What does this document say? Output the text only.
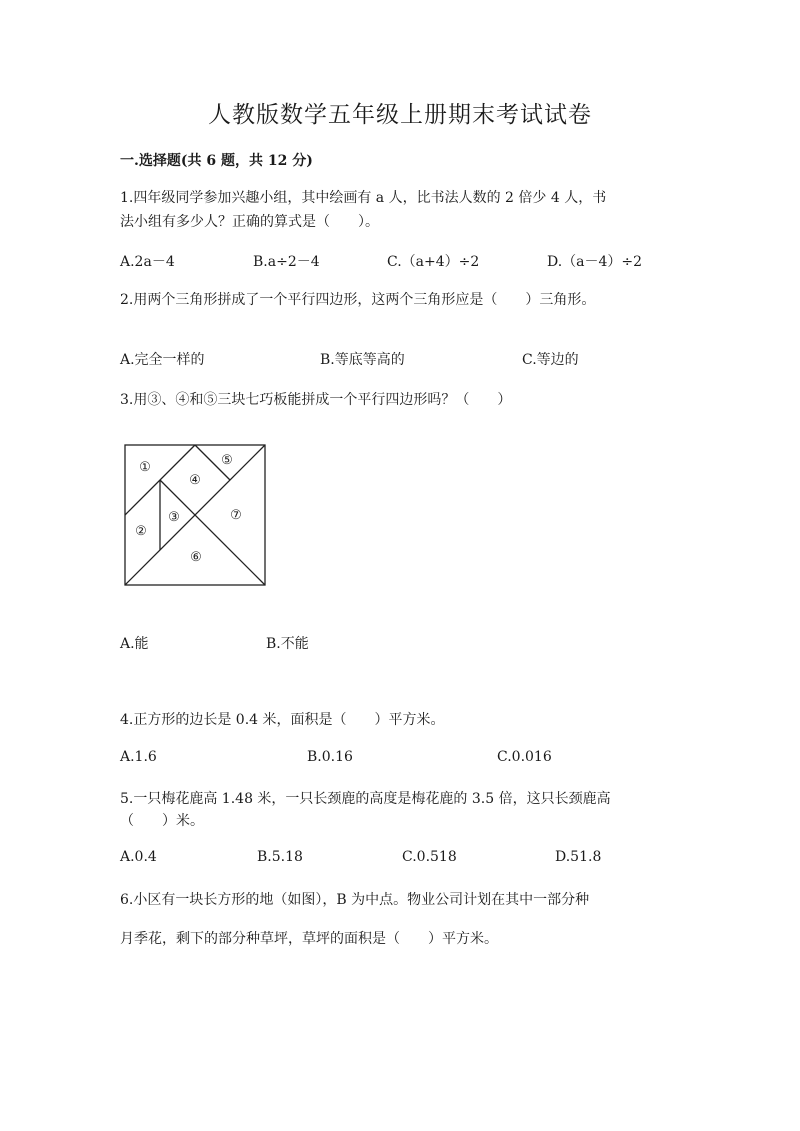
人教版数学五年级上册期末考试试卷
一.选择题(共 6 题，共 12 分)
1.四年级同学参加兴趣小组，其中绘画有 a 人，比书法人数的 2 倍少 4 人，书
法小组有多少人？正确的算式是（　　）。
A.2a－4	B.a÷2－4	C.（a+4）÷2	D.（a－4）÷2
2.用两个三角形拼成了一个平行四边形，这两个三角形应是（　　）三角形。
A.完全一样的	B.等底等高的	C.等边的
3.用③、④和⑤三块七巧板能拼成一个平行四边形吗？（　　）
①
②
③
④
⑤
⑥
⑦
A.能	B.不能
4.正方形的边长是 0.4 米，面积是（　　）平方米。
A.1.6	B.0.16	C.0.016
5.一只梅花鹿高 1.48 米，一只长颈鹿的高度是梅花鹿的 3.5 倍，这只长颈鹿高
（　　）米。
A.0.4	B.5.18	C.0.518	D.51.8
6.小区有一块长方形的地（如图），B 为中点。物业公司计划在其中一部分种
月季花，剩下的部分种草坪，草坪的面积是（　　）平方米。
